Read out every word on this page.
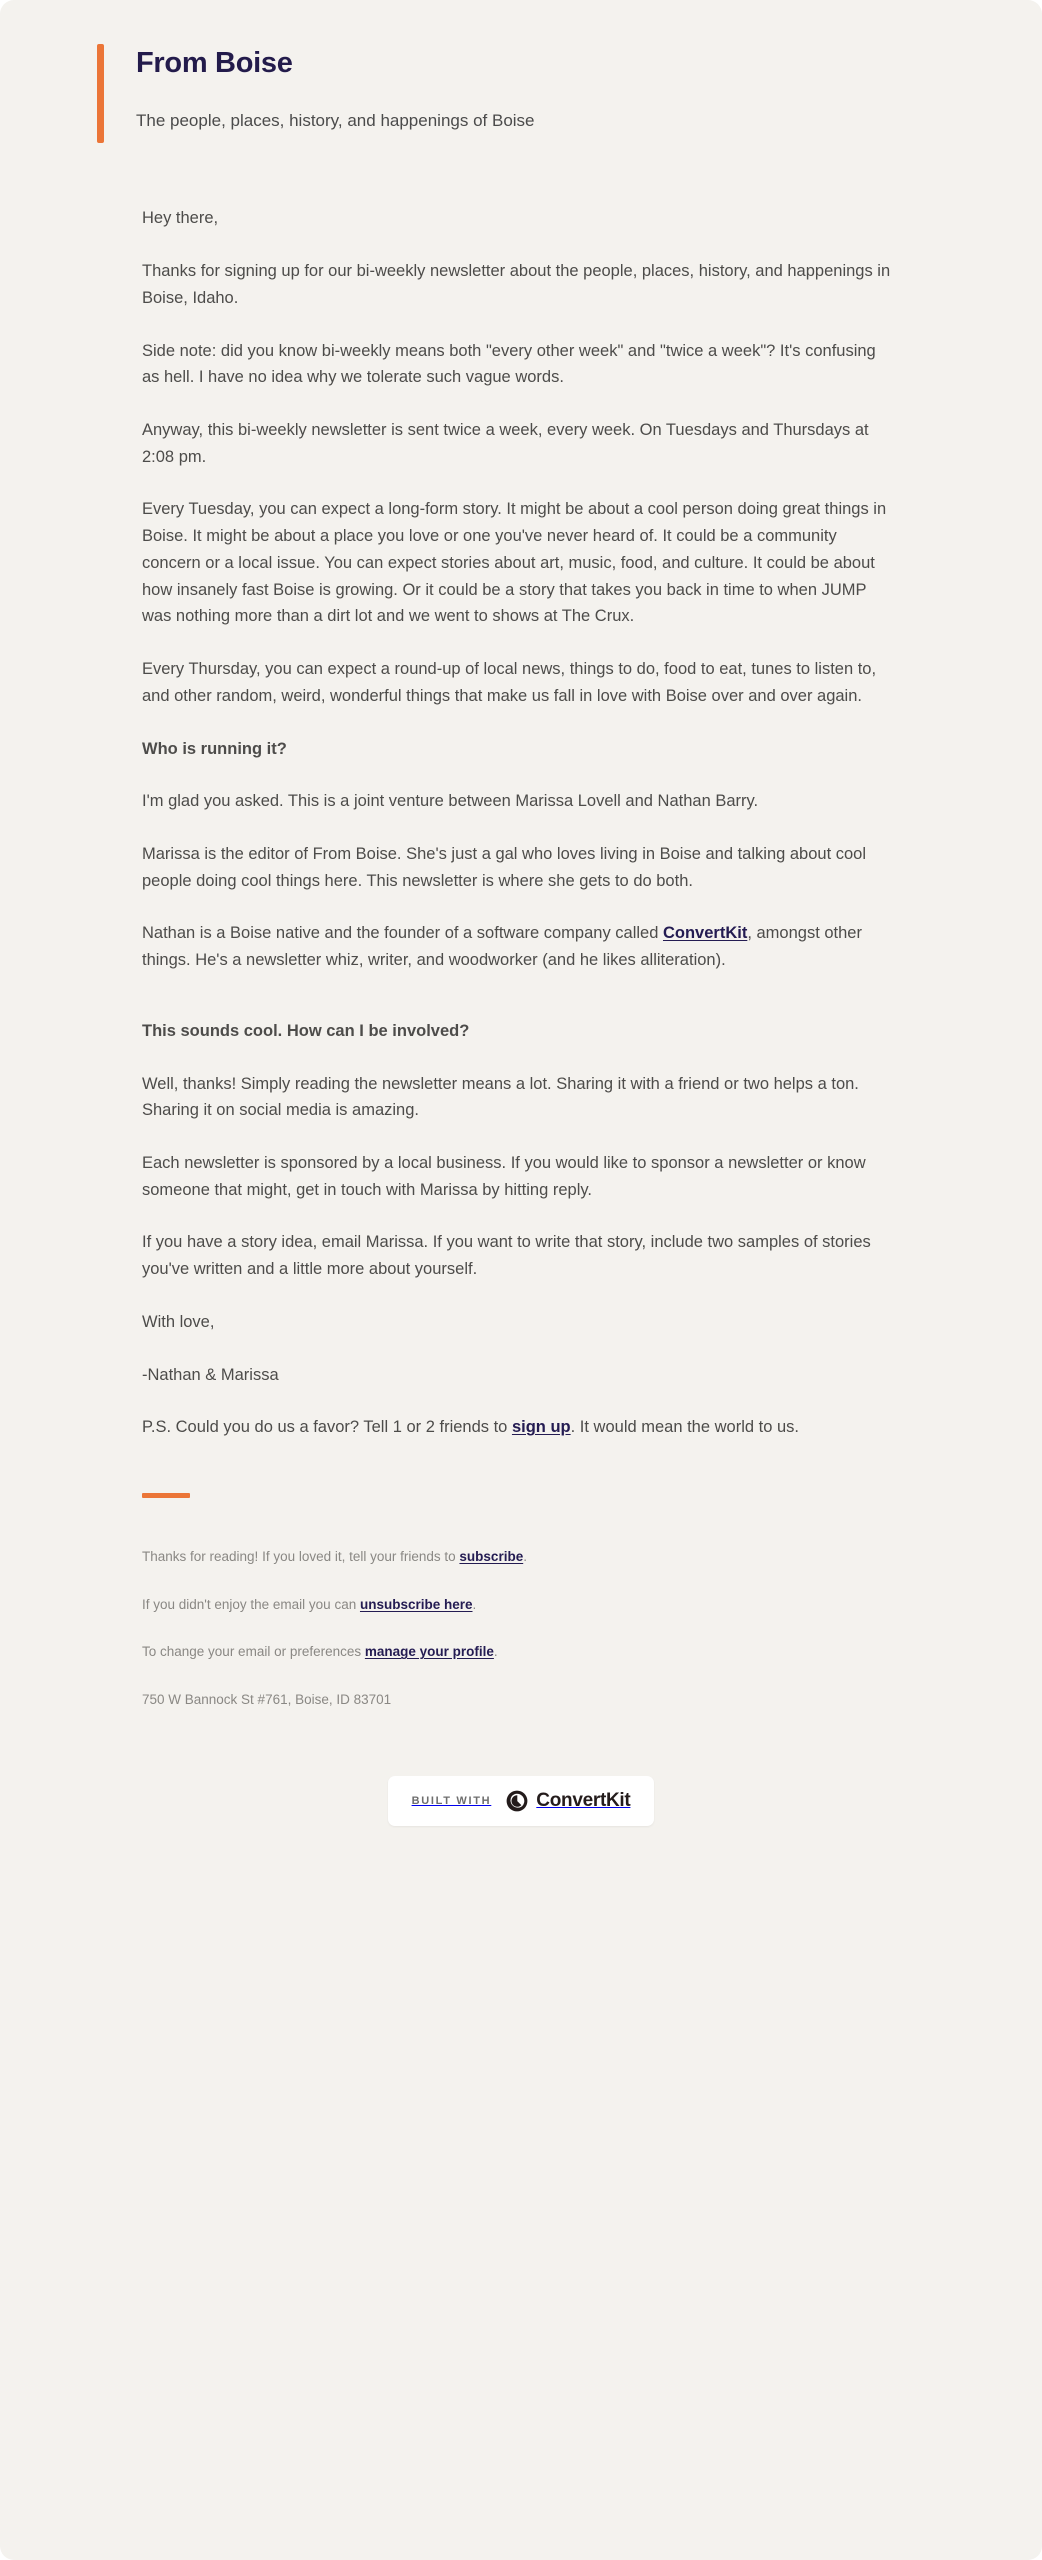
From Boise

The people, places, history, and happenings of Boise

Hey there,

Thanks for signing up for our bi-weekly newsletter about the people, places, history, and happenings in Boise, Idaho.

Side note: did you know bi-weekly means both "every other week" and "twice a week"? It's confusing as hell. I have no idea why we tolerate such vague words.

Anyway, this bi-weekly newsletter is sent twice a week, every week. On Tuesdays and Thursdays at 2:08 pm.

Every Tuesday, you can expect a long-form story. It might be about a cool person doing great things in Boise. It might be about a place you love or one you've never heard of. It could be a community concern or a local issue. You can expect stories about art, music, food, and culture. It could be about how insanely fast Boise is growing. Or it could be a story that takes you back in time to when JUMP was nothing more than a dirt lot and we went to shows at The Crux.

Every Thursday, you can expect a round-up of local news, things to do, food to eat, tunes to listen to, and other random, weird, wonderful things that make us fall in love with Boise over and over again.

Who is running it?

I'm glad you asked. This is a joint venture between Marissa Lovell and Nathan Barry.

Marissa is the editor of From Boise. She's just a gal who loves living in Boise and talking about cool people doing cool things here. This newsletter is where she gets to do both.

Nathan is a Boise native and the founder of a software company called ConvertKit, amongst other things. He's a newsletter whiz, writer, and woodworker (and he likes alliteration).

This sounds cool. How can I be involved?

Well, thanks! Simply reading the newsletter means a lot. Sharing it with a friend or two helps a ton. Sharing it on social media is amazing.

Each newsletter is sponsored by a local business. If you would like to sponsor a newsletter or know someone that might, get in touch with Marissa by hitting reply.

If you have a story idea, email Marissa. If you want to write that story, include two samples of stories you've written and a little more about yourself.

With love,

-Nathan & Marissa

P.S. Could you do us a favor? Tell 1 or 2 friends to sign up. It would mean the world to us.

Thanks for reading! If you loved it, tell your friends to subscribe.

If you didn't enjoy the email you can unsubscribe here.

To change your email or preferences manage your profile.

750 W Bannock St #761, Boise, ID 83701

BUILT WITH ConvertKit
